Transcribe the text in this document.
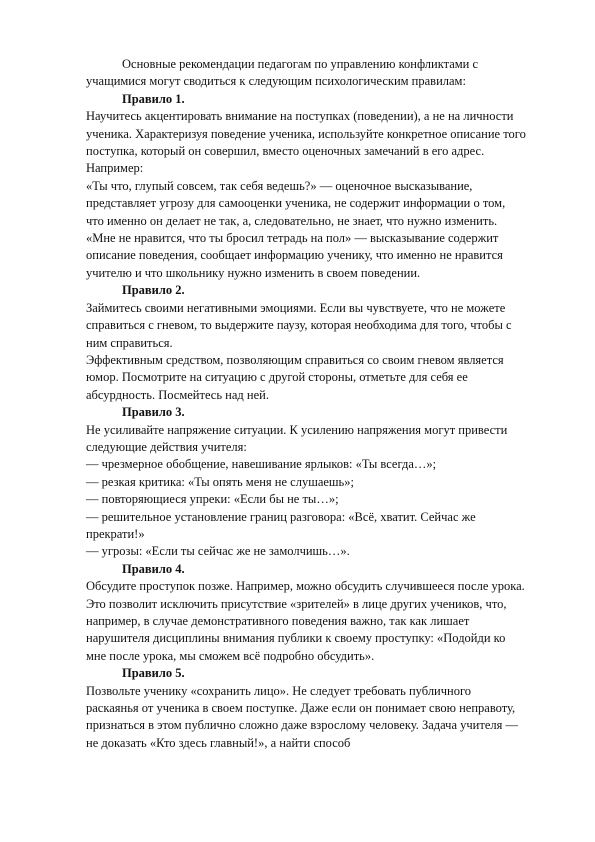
Основные рекомендации педагогам по управлению конфликтами с учащимися могут сводиться к следующим психологическим правилам:

Правило 1.

Научитесь акцентировать внимание на поступках (поведении), а не на личности ученика. Характеризуя поведение ученика, используйте конкретное описание того поступка, который он совершил, вместо оценочных замечаний в его адрес.

Например:

«Ты что, глупый совсем, так себя ведешь?» — оценочное высказывание, представляет угрозу для самооценки ученика, не содержит информации о том, что именно он делает не так, а, следовательно, не знает, что нужно изменить.

«Мне не нравится, что ты бросил тетрадь на пол» — высказывание содержит описание поведения, сообщает информацию ученику, что именно не нравится учителю и что школьнику нужно изменить в своем поведении.

Правило 2.

Займитесь своими негативными эмоциями. Если вы чувствуете, что не можете справиться с гневом, то выдержите паузу, которая необходима для того, чтобы с ним справиться.

Эффективным средством, позволяющим справиться со своим гневом является юмор. Посмотрите на ситуацию с другой стороны, отметьте для себя ее абсурдность. Посмейтесь над ней.

Правило 3.

Не усиливайте напряжение ситуации. К усилению напряжения могут привести следующие действия учителя:

— чрезмерное обобщение, навешивание ярлыков: «Ты всегда…»;

— резкая критика: «Ты опять меня не слушаешь»;

— повторяющиеся упреки: «Если бы не ты…»;

— решительное установление границ разговора: «Всё, хватит. Сейчас же прекрати!»

— угрозы: «Если ты сейчас же не замолчишь…».

Правило 4.

Обсудите проступок позже. Например, можно обсудить случившееся после урока. Это позволит исключить присутствие «зрителей» в лице других учеников, что, например, в случае демонстративного поведения важно, так как лишает нарушителя дисциплины внимания публики к своему проступку: «Подойди ко мне после урока, мы сможем всё подробно обсудить».

Правило 5.

Позвольте ученику «сохранить лицо». Не следует требовать публичного раскаянья от ученика в своем поступке. Даже если он понимает свою неправоту, признаться в этом публично сложно даже взрослому человеку. Задача учителя — не доказать «Кто здесь главный!», а найти способ
